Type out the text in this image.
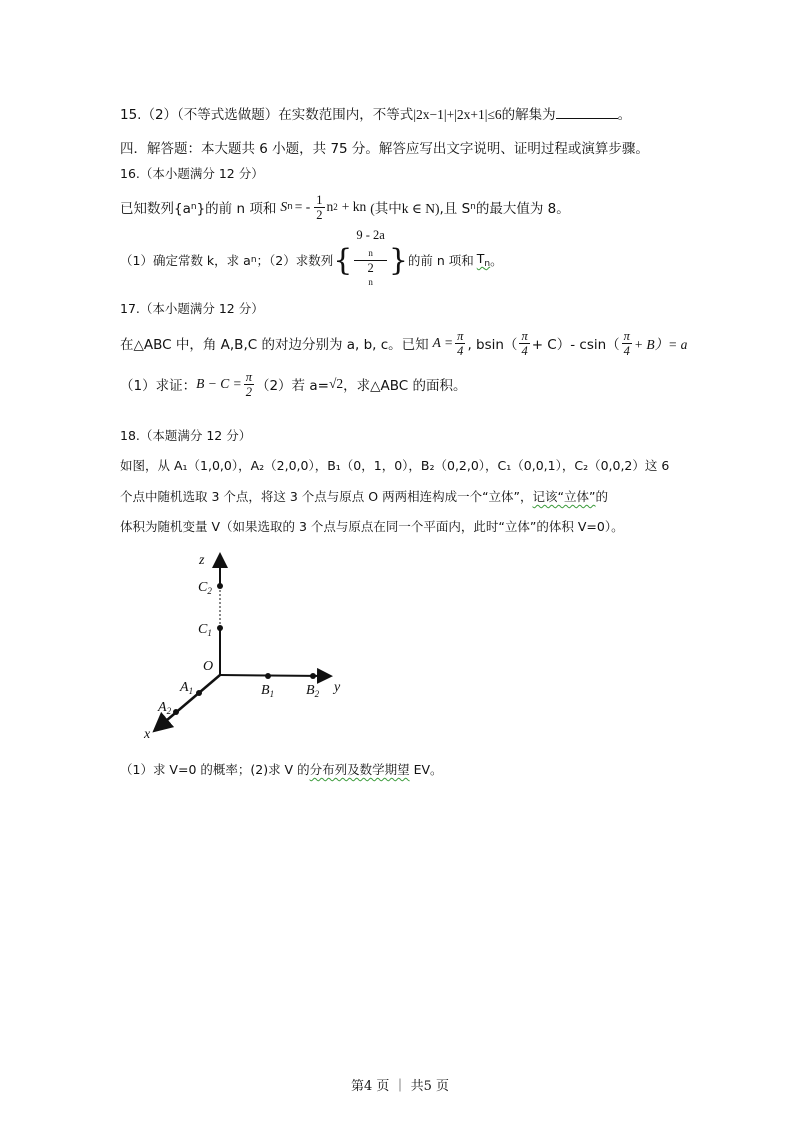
15.（2）（不等式选做题）在实数范围内，不等式|2x−1|+|2x+1|≤6的解集为	。
四．解答题：本大题共 6 小题，共 75 分。解答应写出文字说明、证明过程或演算步骤。
16.（本小题满分 12 分）
已知数列{a n }的前 n 项和 S n = - $\frac{1}{2}$ n 2 + kn (其中k ∈ N) ,且 S n 的最大值为 8。
（1）确定常数 k，求 a n ；（2）求数列 { 9 - 2a
$_n$
2
$^n$ } 的前 n 项和 $T_n$ 。
17.（本小题满分 12 分）
在△ABC 中，角 A,B,C 的对边分别为 a, b, c。已知 $A = \frac{\pi}{4}$ , $bsin( \frac{\pi}{4} + C)-$ $csin( \frac{\pi}{4} + B)= a$
（1）求证： $B - C = \frac{\pi}{2} (2)$若 a= √2 ，求△ABC 的面积。
18.（本题满分 12 分）
如图，从 A₁（1,0,0），A₂（2,0,0），B₁（0，1，0），B₂（0,2,0），C₁（0,0,1），C₂（0,0,2）这 6
个点中随机选取 3 个点，将这 3 个点与原点 O 两两相连构成一个“立体”，记该“立体”的
体积为随机变量 V（如果选取的 3 个点与原点在同一个平面内，此时“立体”的体积 V=0）。
z
$C_2$
$C_1$
O
$A_1$
$A_2$
x
$B_1$ $B_2$ y
（1）求 V=0 的概率；(2)求 V 的分布列及数学期望 EV。
第4 页 ｜ 共5 页
